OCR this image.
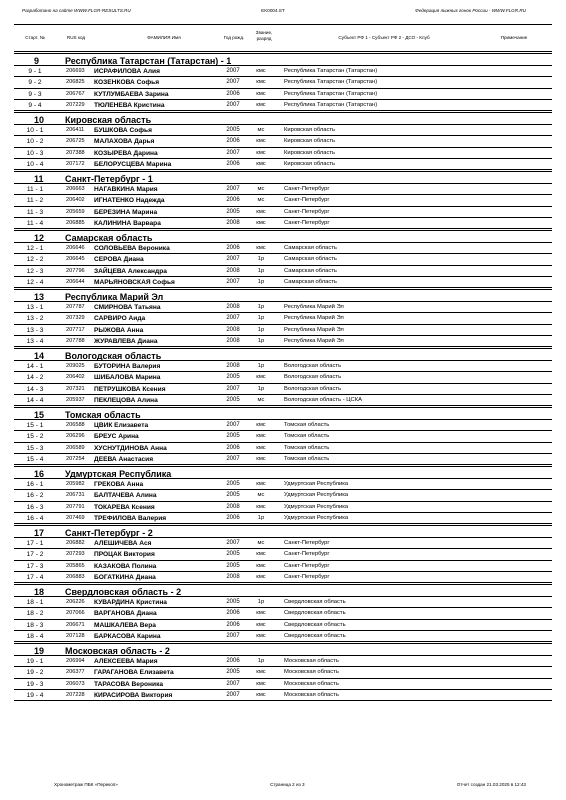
Разработано на сайте WWW.FLGR-RESULTS.RU	EK0004.ST	Федерация лыжных гонок России - WWW.FLGR.RU
Старт. №	RUS код	ФАМИЛИЯ Имя	Год рожд.
Звание, разряд	Субъект РФ 1 - Субъект РФ 2 - ДСО - Клуб	Примечание
9	Республика Татарстан (Татарстан) - 1
9 - 1	206693 ИСРАФИЛОВА Алия	2007	кмс	Республика Татарстан (Татарстан)
9 - 2	206825 КОЗЕНКОВА Софья	2007	кмс	Республика Татарстан (Татарстан)
9 - 3	206767 КУТЛУМБАЕВА Зарина	2006	кмс	Республика Татарстан (Татарстан)
9 - 4	207229 ТЮЛЕНЕВА Кристина	2007	кмс	Республика Татарстан (Татарстан)
10 Кировская область
10 - 1	206411 БУШКОВА Софья	2005	мс	Кировская область
10 - 2	206725 МАЛАХОВА Дарья	2006	кмс	Кировская область
10 - 3	207388 КОЗЫРЕВА Дарина	2007	кмс	Кировская область
10 - 4	207172 БЕЛОРУСЦЕВА Марина	2006	кмс	Кировская область
11 Санкт-Петербург - 1
11 - 1	206663 НАГАВКИНА Мария	2007	мс	Санкт-Петербург
11 - 2	206402 ИГНАТЕНКО Надежда	2006	мс	Санкт-Петербург
11 - 3	205659 БЕРЕЗИНА Марина	2005	кмс	Санкт-Петербург
11 - 4	206885 КАЛИНИНА Варвара	2008	кмс	Санкт-Петербург
12 Самарская область
12 - 1	206646 СОЛОВЬЕВА Вероника	2006	кмс	Самарская область
12 - 2	206645 СЕРОВА Диана	2007	1р	Самарская область
12 - 3	207796 ЗАЙЦЕВА Александра	2008	1р	Самарская область
12 - 4	206644 МАРЬЯНОВСКАЯ Софья	2007	1р	Самарская область
13 Республика Марий Эл
13 - 1	207787 СМИРНОВА Татьяна	2008	1р	Республика Марий Эл
13 - 2	207329 САРВИРО Аида	2007	1р	Республика Марий Эл
13 - 3	207717 РЫЖОВА Анна	2008	1р	Республика Марий Эл
13 - 4	207788 ЖУРАВЛЕВА Диана	2008	1р	Республика Марий Эл
14 Вологодская область
14 - 1	209025 БУТОРИНА Валерия	2008	1р	Вологодская область
14 - 2	206402 ШИБАЛОВА Марина	2005	кмс	Вологодская область
14 - 3	207321 ПЕТРУШКОВА Ксения	2007	1р	Вологодская область
14 - 4	205937 ПЕКЛЕЦОВА Алина	2005	мс	Вологодская область - ЦСКА
15 Томская область
15 - 1	206588 ЦВИК Елизавета	2007	кмс	Томская область
15 - 2	206296 БРЕУС Арина	2005	кмс	Томская область
15 - 3	206589 ХУСНУТДИНОВА Анна	2006	кмс	Томская область
15 - 4	207254 ДЕЕВА Анастасия	2007	кмс	Томская область
16 Удмуртская Республика
16 - 1	205982 ГРЕКОВА Анна	2005	кмс	Удмуртская Республика
16 - 2	206731 БАЛТАЧЕВА Алина	2005	мс	Удмуртская Республика
16 - 3	207791 ТОКАРЕВА Ксения	2008	кмс	Удмуртская Республика
16 - 4	207469 ТРЕФИЛОВА Валерия	2006	1р	Удмуртская Республика
17 Санкт-Петербург - 2
17 - 1	206882 АЛЕШИЧЕВА Ася	2007	мс	Санкт-Петербург
17 - 2	207293 ПРОЦАК Виктория	2005	кмс	Санкт-Петербург
17 - 3	205865 КАЗАКОВА Полина	2005	кмс	Санкт-Петербург
17 - 4	206883 БОГАТКИНА Диана	2008	кмс	Санкт-Петербург
18 Свердловская область - 2
18 - 1	206226 КУВАРДИНА Кристина	2005	1р	Свердловская область
18 - 2	207066 ВАРГАНОВА Диана	2006	кмс	Свердловская область
18 - 3	206671 МАШКАЛЕВА Вера	2006	кмс	Свердловская область
18 - 4	207128 БАРКАСОВА Карина	2007	кмс	Свердловская область
19 Московская область - 2
19 - 1	206994 АЛЕКСЕЕВА Мария	2006	1р	Московская область
19 - 2	206377 ГАРАГАНОВА Елизавета	2005	кмс	Московская область
19 - 3	206073 ТАРАСОВА Вероника	2007	кмс	Московская область
19 - 4	207228 КИРАСИРОВА Виктория	2007	кмс	Московская область
Хронометраж ПБК «Перекоп»	Страница 2 из 3	Отчет создан 21.03.2025 в 12:43
